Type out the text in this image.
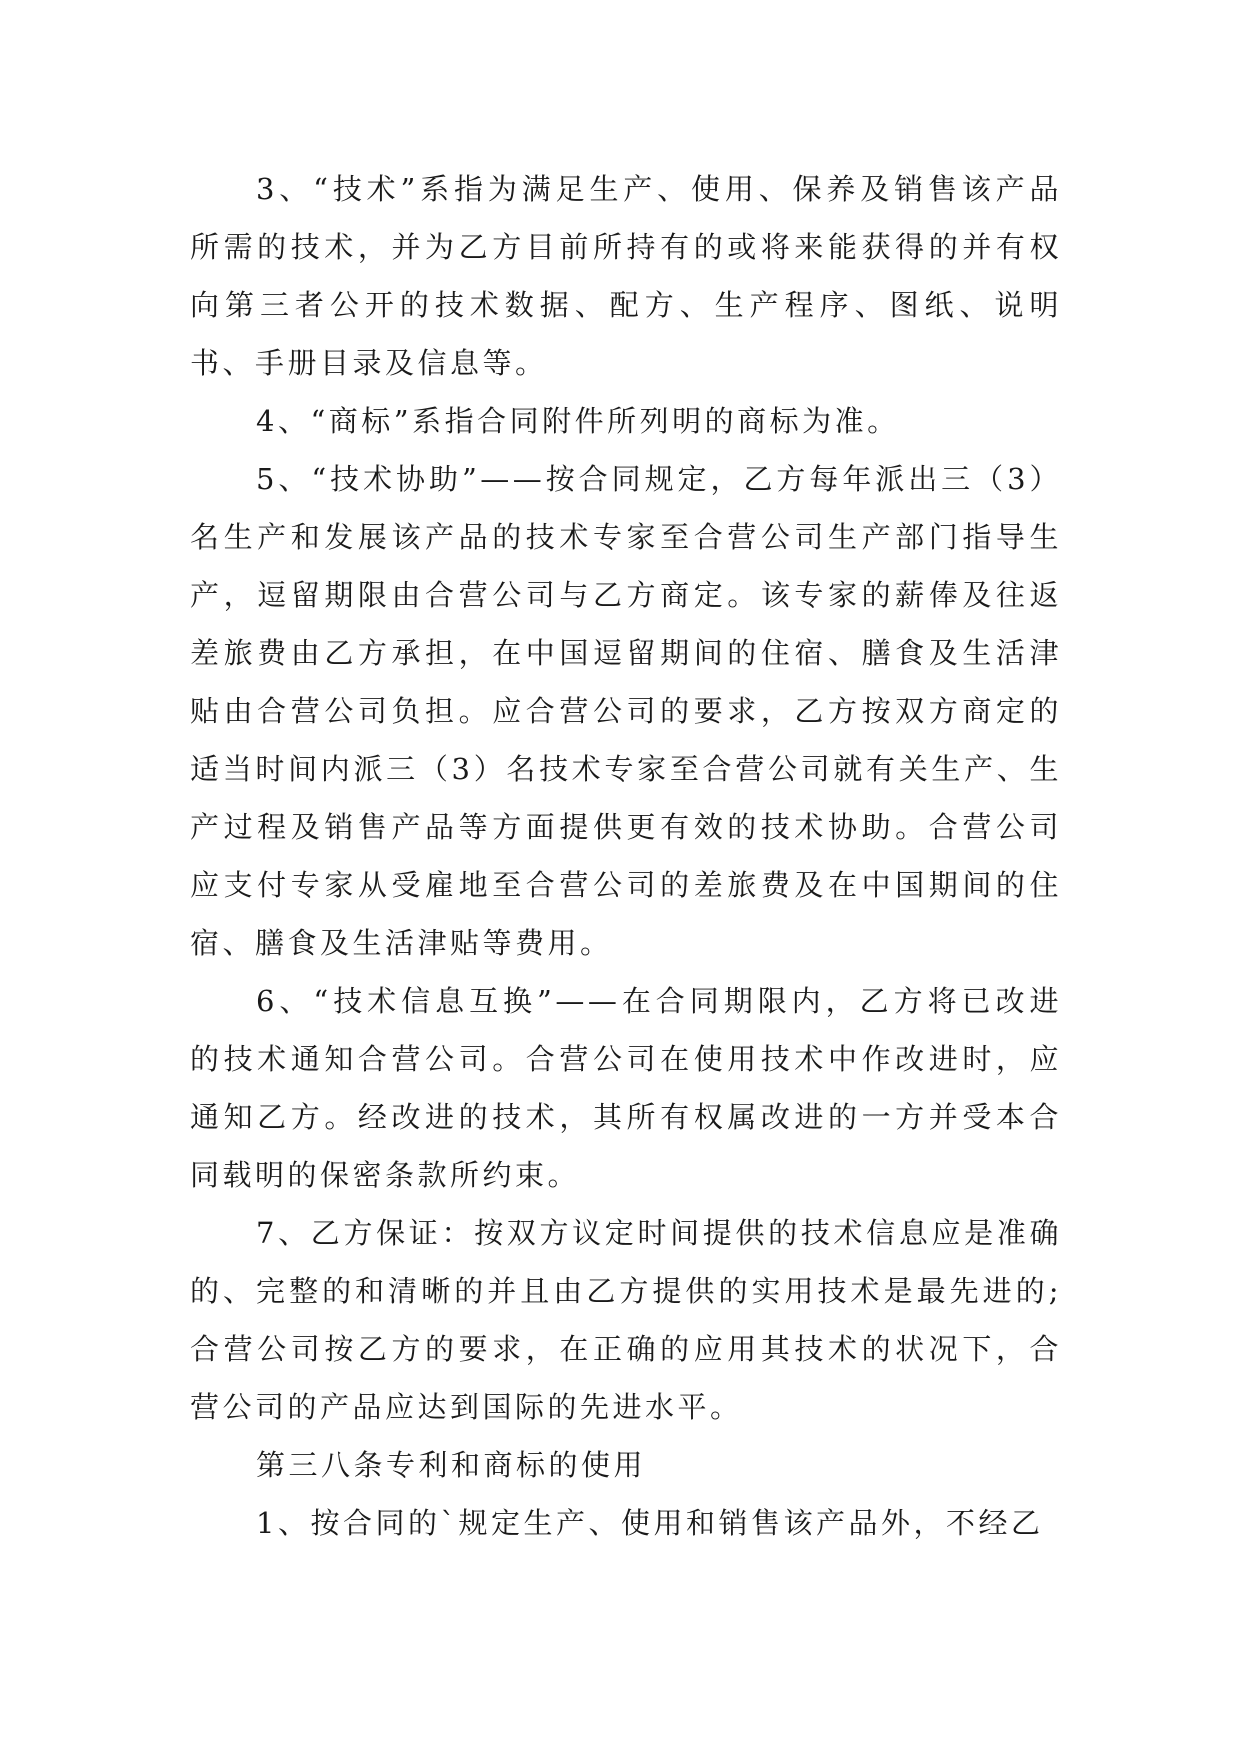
3、“技术”系指为满足生产、使用、保养及销售该产品所需的技术，并为乙方目前所持有的或将来能获得的并有权向第三者公开的技术数据、配方、生产程序、图纸、说明书、手册目录及信息等。

4、“商标”系指合同附件所列明的商标为准。

5、“技术协助”——按合同规定，乙方每年派出三（3）名生产和发展该产品的技术专家至合营公司生产部门指导生产，逗留期限由合营公司与乙方商定。该专家的薪俸及往返差旅费由乙方承担，在中国逗留期间的住宿、膳食及生活津贴由合营公司负担。应合营公司的要求，乙方按双方商定的适当时间内派三（3）名技术专家至合营公司就有关生产、生产过程及销售产品等方面提供更有效的技术协助。合营公司应支付专家从受雇地至合营公司的差旅费及在中国期间的住宿、膳食及生活津贴等费用。

6、“技术信息互换”——在合同期限内，乙方将已改进的技术通知合营公司。合营公司在使用技术中作改进时，应通知乙方。经改进的技术，其所有权属改进的一方并受本合同载明的保密条款所约束。

7、乙方保证：按双方议定时间提供的技术信息应是准确的、完整的和清晰的并且由乙方提供的实用技术是最先进的;合营公司按乙方的要求，在正确的应用其技术的状况下，合营公司的产品应达到国际的先进水平。

第三八条专利和商标的使用

1、按合同的`规定生产、使用和销售该产品外，不经乙
